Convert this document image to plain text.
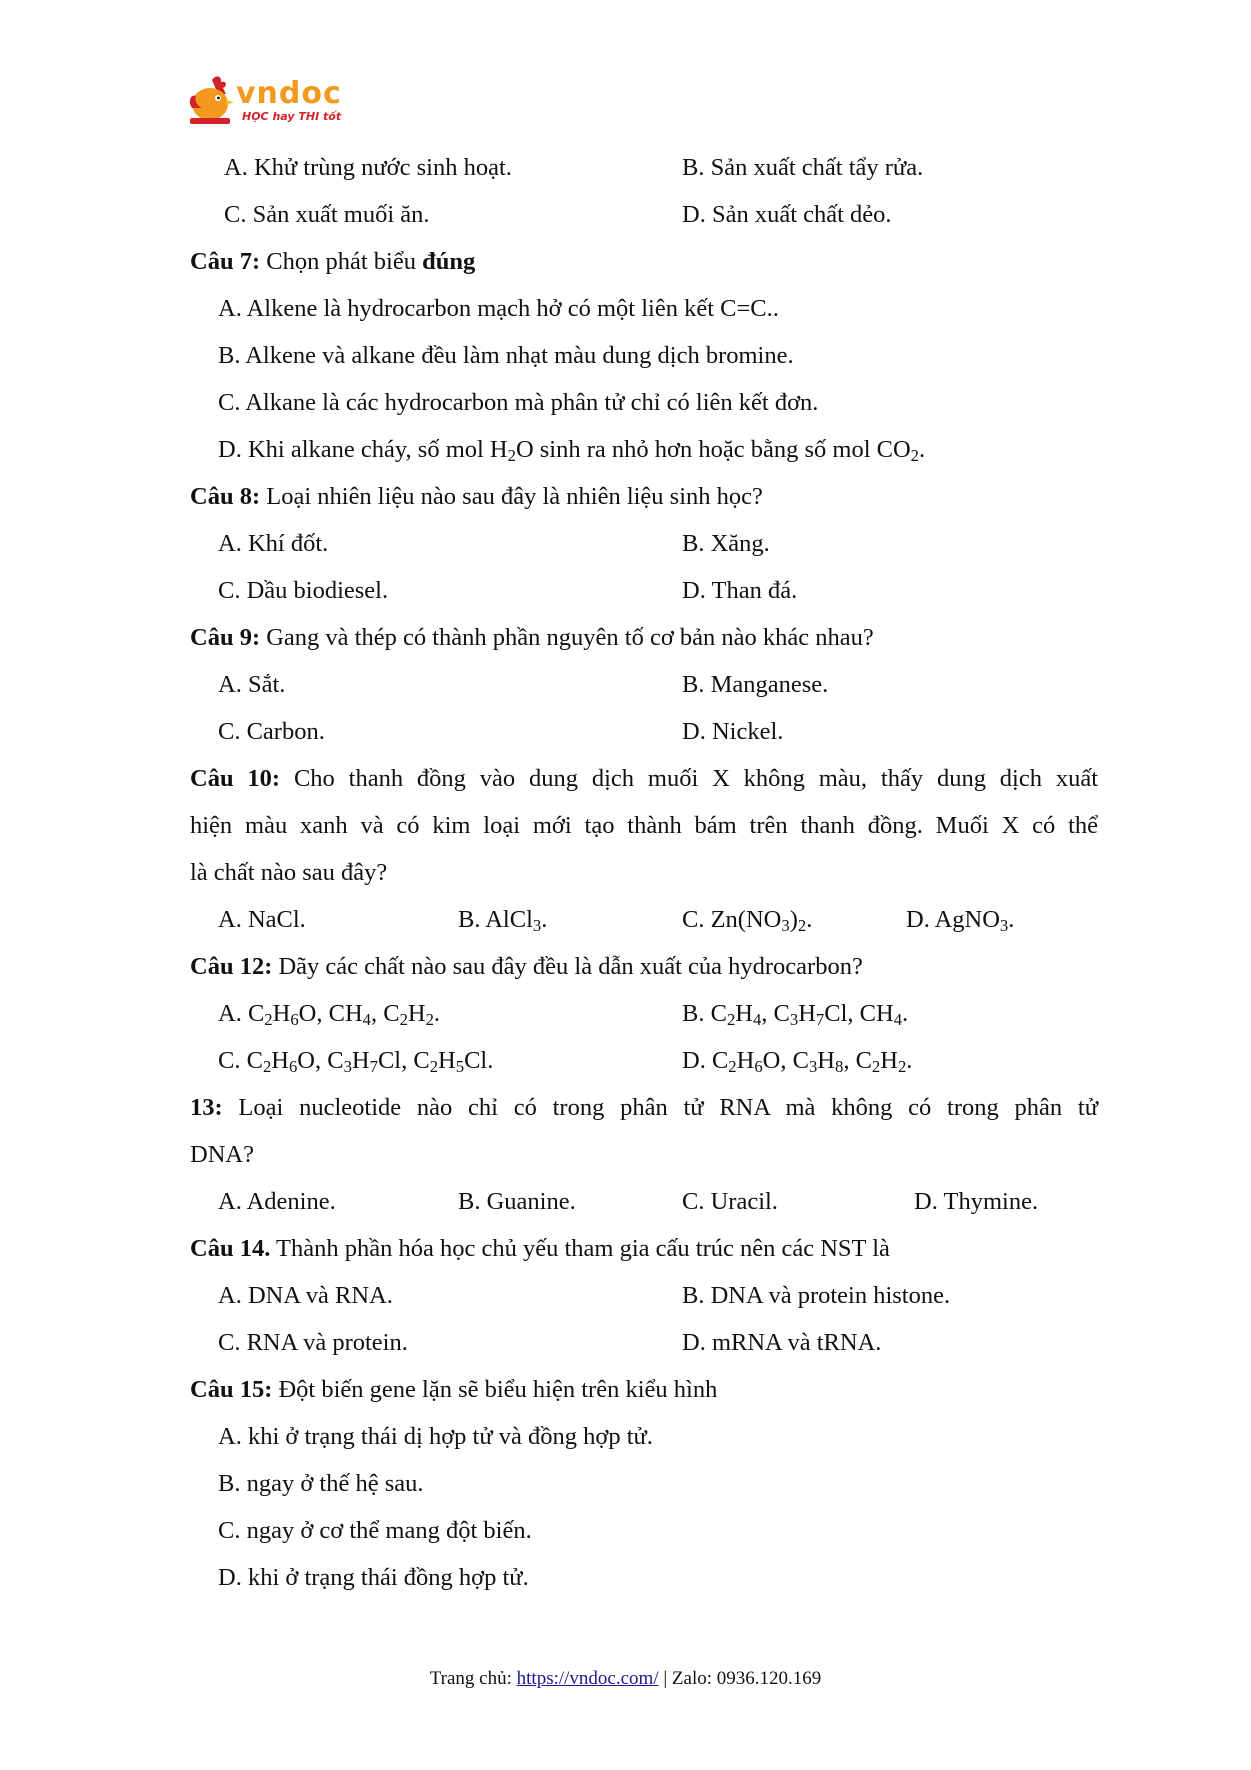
vndoc
HỌC hay THI tốt
A. Khử trùng nước sinh hoạt.	B. Sản xuất chất tẩy rửa.
C. Sản xuất muối ăn.	D. Sản xuất chất dẻo.
Câu 7: Chọn phát biểu đúng
A. Alkene là hydrocarbon mạch hở có một liên kết C=C..
B. Alkene và alkane đều làm nhạt màu dung dịch bromine.
C. Alkane là các hydrocarbon mà phân tử chỉ có liên kết đơn.
D. Khi alkane cháy, số mol $H_2O$ sinh ra nhỏ hơn hoặc bằng số mol $CO_2$.
Câu 8: Loại nhiên liệu nào sau đây là nhiên liệu sinh học?
A. Khí đốt.	B. Xăng.
C. Dầu biodiesel.	D. Than đá.
Câu 9: Gang và thép có thành phần nguyên tố cơ bản nào khác nhau?
A. Sắt.	B. Manganese.
C. Carbon.	D. Nickel.
Câu 10: Cho thanh đồng vào dung dịch muối X không màu, thấy dung dịch xuất
hiện màu xanh và có kim loại mới tạo thành bám trên thanh đồng. Muối X có thể
là chất nào sau đây?
A. NaCl.	B. AlCl$_3$.	C. $Zn(NO_3)_2$.	D. AgNO$_3$.
Câu 12: Dãy các chất nào sau đây đều là dẫn xuất của hydrocarbon?
A. $C_2H_6O$, $CH_4$, $C_2H_2$.	B. $C_2H_4$, $C_3H_7Cl$, $CH_4$.
C. $C_2H_6O$, $C_3H_7Cl$, $C_2H_5Cl$.	D. $C_2H_6O$, $C_3H_8$, $C_2H_2$.
13: Loại nucleotide nào chỉ có trong phân tử RNA mà không có trong phân tử
DNA?
A. Adenine.	B. Guanine.	C. Uracil.	D. Thymine.
Câu 14. Thành phần hóa học chủ yếu tham gia cấu trúc nên các NST là
A. DNA và RNA.	B. DNA và protein histone.
C. RNA và protein.	D. mRNA và tRNA.
Câu 15: Đột biến gene lặn sẽ biểu hiện trên kiểu hình
A. khi ở trạng thái dị hợp tử và đồng hợp tử.
B. ngay ở thế hệ sau.
C. ngay ở cơ thể mang đột biến.
D. khi ở trạng thái đồng hợp tử.
Trang chủ: https://vndoc.com/ | Zalo: 0936.120.169
